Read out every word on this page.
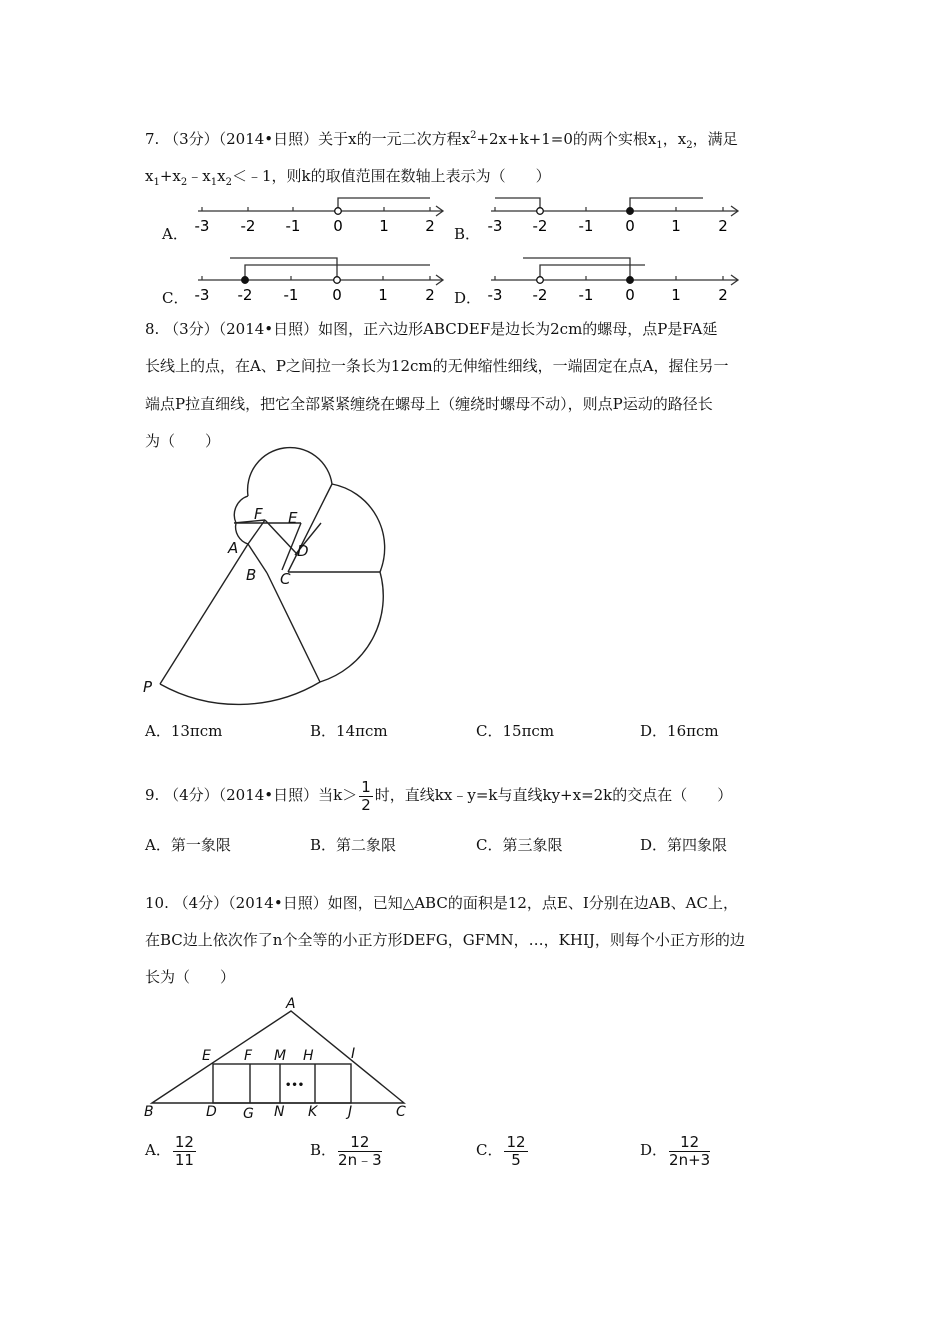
7. （3分）（2014•日照）关于x的一元二次方程$x^2+2x+k+1=0$的两个实根$x_1$，$x_2$，满足
$x_1+x_2﹣x_1x_2<﹣1$，则k的取值范围在数轴上表示为（　　）
A．	B．
C．	D．
-3 -2 -1 0 1 2	-3 -2 -1 0 1 2
-3 -2 -1 0 1 2	-3 -2 -1 0 1 2
8. （3分）（2014•日照）如图，正六边形ABCDEF是边长为2cm的螺母，点P是FA延
长线上的点，在A、P之间拉一条长为12cm的无伸缩性细线，一端固定在点A，握住另一
端点P拉直细线，把它全部紧紧缠绕在螺母上（缠绕时螺母不动），则点P运动的路径长
为（　　）
F E
A	D
B C
P
A．13πcm	B．14πcm	C．15πcm	D．16πcm
9. （4分）（2014•日照）当$k> \frac{1}{2}$ 时，直线kx﹣y=k与直线ky+x=2k的交点在（　　）
A．第一象限	B．第二象限	C．第三象限	D．第四象限
10. （4分）（2014•日照）如图，已知△ABC的面积是12，点E、I分别在边AB、AC上，
在BC边上依次作了n个全等的小正方形DEFG，GFMN，…，KHIJ，则每个小正方形的边
长为（　　）
A
E F M H	I
B	D G N K J	C
•••
A． $\frac{12}{11}$	B． $\frac{12}{2n﹣3}$	C． $\frac{12}{5}$	D． $\frac{12}{2n+3}$
